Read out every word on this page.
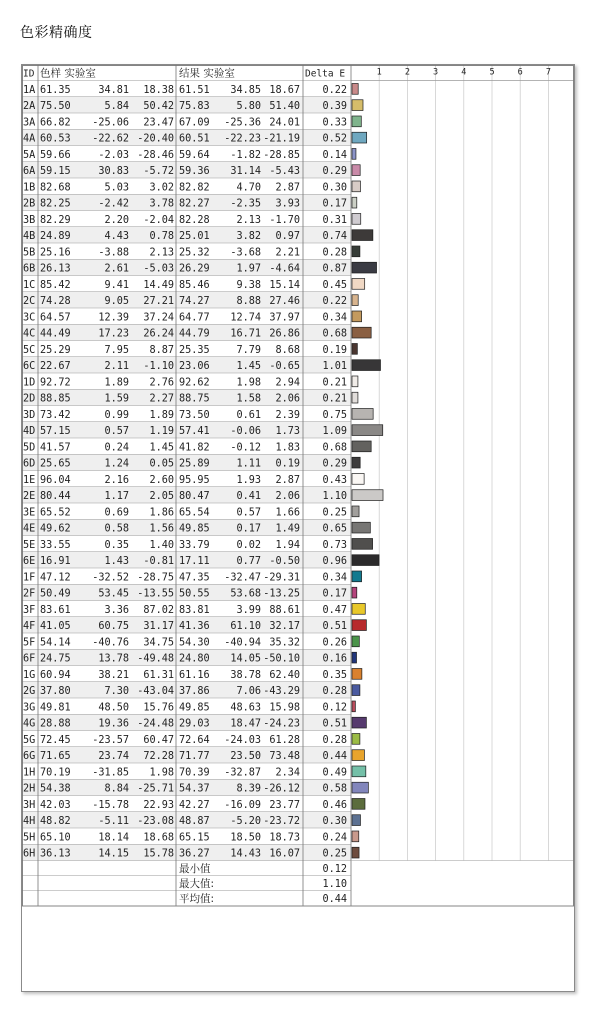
色彩精确度
ID 色样 实验室	结果 实验室	Delta E	1	2	3	4	5	6	7
1A 61.35	34.81 18.38 61.51 34.85 18.67 0.22
2A 75.50	5.84 50.42 75.83	5.80 51.40 0.39
3A 66.82 -25.06 23.47 67.09 -25.36 24.01 0.33
4A 60.53 -22.62 -20.40 60.51 -22.23 -21.19 0.52
5A 59.66	-2.03 -28.46 59.64 -1.82 -28.85 0.14
6A 59.15	30.83 -5.72 59.36 31.14 -5.43 0.29
1B 82.68	5.03 3.02 82.82	4.70 2.87 0.30
2B 82.25	-2.42 3.78 82.27 -2.35 3.93 0.17
3B 82.29	2.20 -2.04 82.28	2.13 -1.70 0.31
4B 24.89	4.43 0.78 25.01	3.82 0.97 0.74
5B 25.16	-3.88 2.13 25.32 -3.68 2.21 0.28
6B 26.13	2.61 -5.03 26.29	1.97 -4.64 0.87
1C 85.42	9.41 14.49 85.46	9.38 15.14 0.45
2C 74.28	9.05 27.21 74.27	8.88 27.46 0.22
3C 64.57	12.39 37.24 64.77 12.74 37.97 0.34
4C 44.49	17.23 26.24 44.79 16.71 26.86 0.68
5C 25.29	7.95 8.87 25.35	7.79 8.68 0.19
6C 22.67	2.11 -1.10 23.06	1.45 -0.65 1.01
1D 92.72	1.89 2.76 92.62	1.98 2.94 0.21
2D 88.85	1.59 2.27 88.75	1.58 2.06 0.21
3D 73.42	0.99 1.89 73.50	0.61 2.39 0.75
4D 57.15	0.57 1.19 57.41 -0.06 1.73 1.09
5D 41.57	0.24 1.45 41.82 -0.12 1.83 0.68
6D 25.65	1.24 0.05 25.89	1.11 0.19 0.29
1E 96.04	2.16 2.60 95.95	1.93 2.87 0.43
2E 80.44	1.17 2.05 80.47	0.41 2.06 1.10
3E 65.52	0.69 1.86 65.54	0.57 1.66 0.25
4E 49.62	0.58 1.56 49.85	0.17 1.49 0.65
5E 33.55	0.35 1.40 33.79	0.02 1.94 0.73
6E 16.91	1.43 -0.81 17.11	0.77 -0.50 0.96
1F 47.12 -32.52 -28.75 47.35 -32.47 -29.31 0.34
2F 50.49	53.45 -13.55 50.55 53.68 -13.25 0.17
3F 83.61	3.36 87.02 83.81	3.99 88.61 0.47
4F 41.05	60.75 31.17 41.36 61.10 32.17 0.51
5F 54.14 -40.76 34.75 54.30 -40.94 35.32 0.26
6F 24.75	13.78 -49.48 24.80 14.05 -50.10 0.16
1G 60.94	38.21 61.31 61.16 38.78 62.40 0.35
2G 37.80	7.30 -43.04 37.86	7.06 -43.29 0.28
3G 49.81	48.50 15.76 49.85 48.63 15.98 0.12
4G 28.88	19.36 -24.48 29.03 18.47 -24.23 0.51
5G 72.45 -23.57 60.47 72.64 -24.03 61.28 0.28
6G 71.65	23.74 72.28 71.77 23.50 73.48 0.44
1H 70.19 -31.85 1.98 70.39 -32.87 2.34 0.49
2H 54.38	8.84 -25.71 54.37	8.39 -26.12 0.58
3H 42.03 -15.78 22.93 42.27 -16.09 23.77 0.46
4H 48.82	-5.11 -23.08 48.87 -5.20 -23.72 0.30
5H 65.10	18.14 18.68 65.15 18.50 18.73 0.24
6H 36.13	14.15 15.78 36.27 14.43 16.07 0.25
最小值	0.12
最大值:	1.10
平均值:	0.44
